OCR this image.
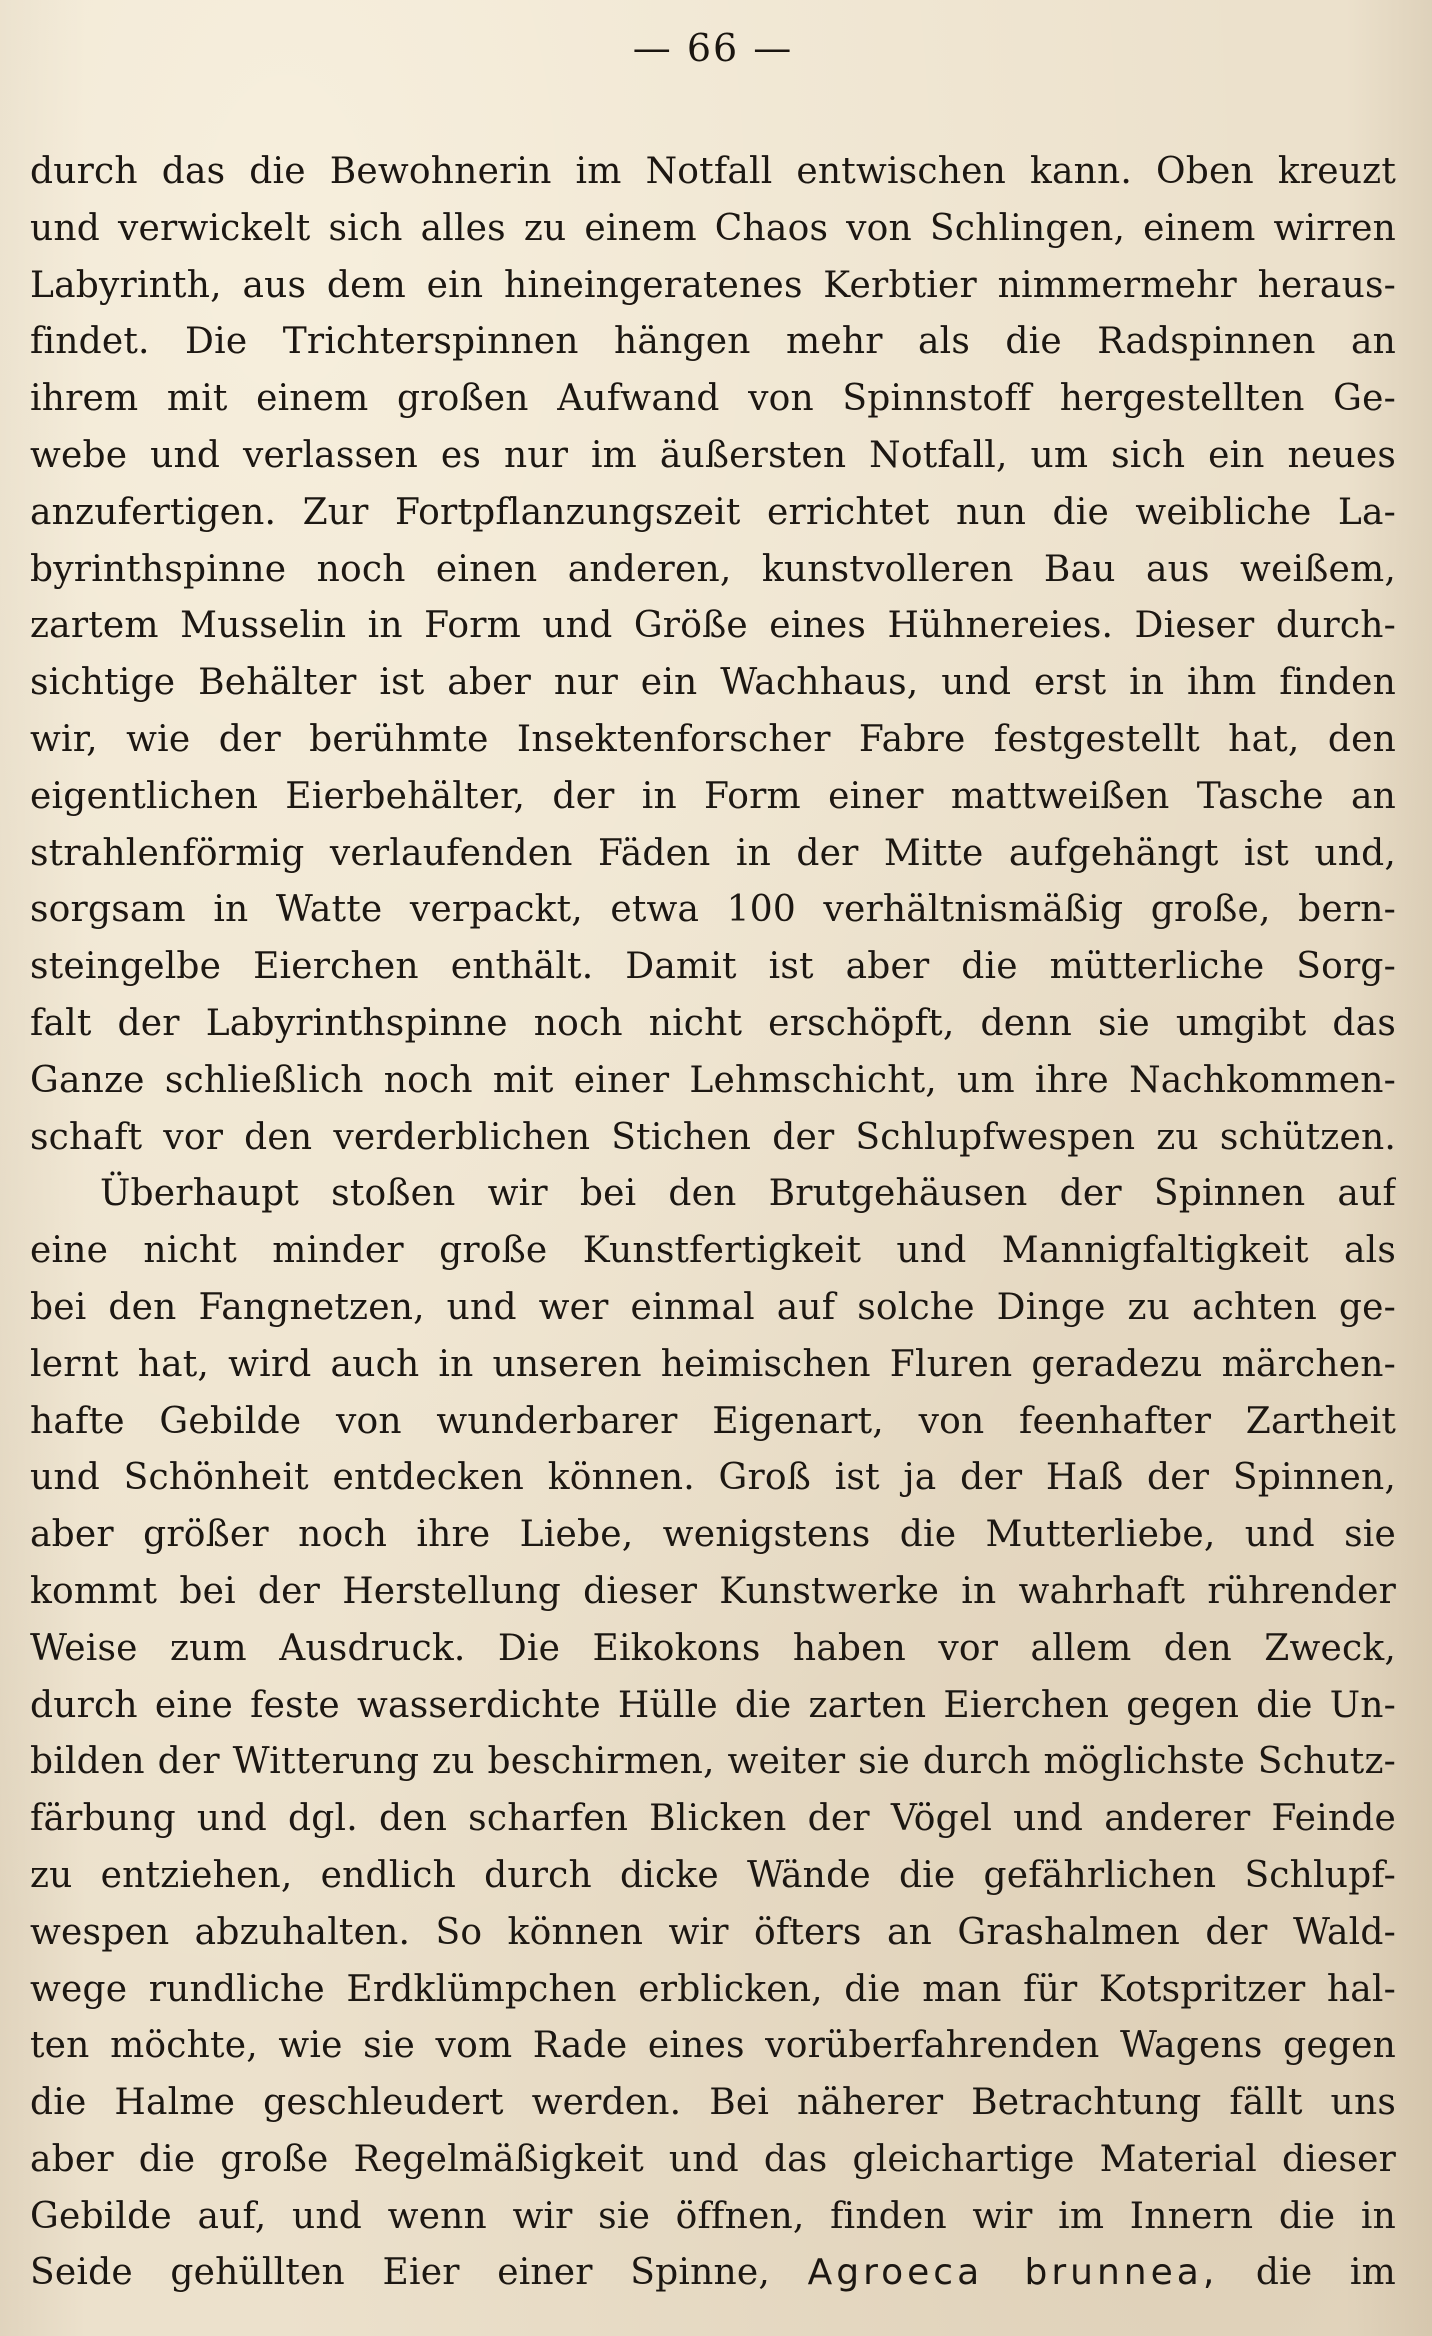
— 66 —
durch das die Bewohnerin im Notfall entwischen kann. Oben kreuzt
und verwickelt sich alles zu einem Chaos von Schlingen, einem wirren
Labyrinth, aus dem ein hineingeratenes Kerbtier nimmermehr heraus-
findet. Die Trichterspinnen hängen mehr als die Radspinnen an
ihrem mit einem großen Aufwand von Spinnstoff hergestellten Ge-
webe und verlassen es nur im äußersten Notfall, um sich ein neues
anzufertigen. Zur Fortpflanzungszeit errichtet nun die weibliche La-
byrinthspinne noch einen anderen, kunstvolleren Bau aus weißem,
zartem Musselin in Form und Größe eines Hühnereies. Dieser durch-
sichtige Behälter ist aber nur ein Wachhaus, und erst in ihm finden
wir, wie der berühmte Insektenforscher Fabre festgestellt hat, den
eigentlichen Eierbehälter, der in Form einer mattweißen Tasche an
strahlenförmig verlaufenden Fäden in der Mitte aufgehängt ist und,
sorgsam in Watte verpackt, etwa 100 verhältnismäßig große, bern-
steingelbe Eierchen enthält. Damit ist aber die mütterliche Sorg-
falt der Labyrinthspinne noch nicht erschöpft, denn sie umgibt das
Ganze schließlich noch mit einer Lehmschicht, um ihre Nachkommen-
schaft vor den verderblichen Stichen der Schlupfwespen zu schützen.
Überhaupt stoßen wir bei den Brutgehäusen der Spinnen auf
eine nicht minder große Kunstfertigkeit und Mannigfaltigkeit als
bei den Fangnetzen, und wer einmal auf solche Dinge zu achten ge-
lernt hat, wird auch in unseren heimischen Fluren geradezu märchen-
hafte Gebilde von wunderbarer Eigenart, von feenhafter Zartheit
und Schönheit entdecken können. Groß ist ja der Haß der Spinnen,
aber größer noch ihre Liebe, wenigstens die Mutterliebe, und sie
kommt bei der Herstellung dieser Kunstwerke in wahrhaft rührender
Weise zum Ausdruck. Die Eikokons haben vor allem den Zweck,
durch eine feste wasserdichte Hülle die zarten Eierchen gegen die Un-
bilden der Witterung zu beschirmen, weiter sie durch möglichste Schutz-
färbung und dgl. den scharfen Blicken der Vögel und anderer Feinde
zu entziehen, endlich durch dicke Wände die gefährlichen Schlupf-
wespen abzuhalten. So können wir öfters an Grashalmen der Wald-
wege rundliche Erdklümpchen erblicken, die man für Kotspritzer hal-
ten möchte, wie sie vom Rade eines vorüberfahrenden Wagens gegen
die Halme geschleudert werden. Bei näherer Betrachtung fällt uns
aber die große Regelmäßigkeit und das gleichartige Material dieser
Gebilde auf, und wenn wir sie öffnen, finden wir im Innern die in
Seide gehüllten Eier einer Spinne, Agroeca brunnea, die im
